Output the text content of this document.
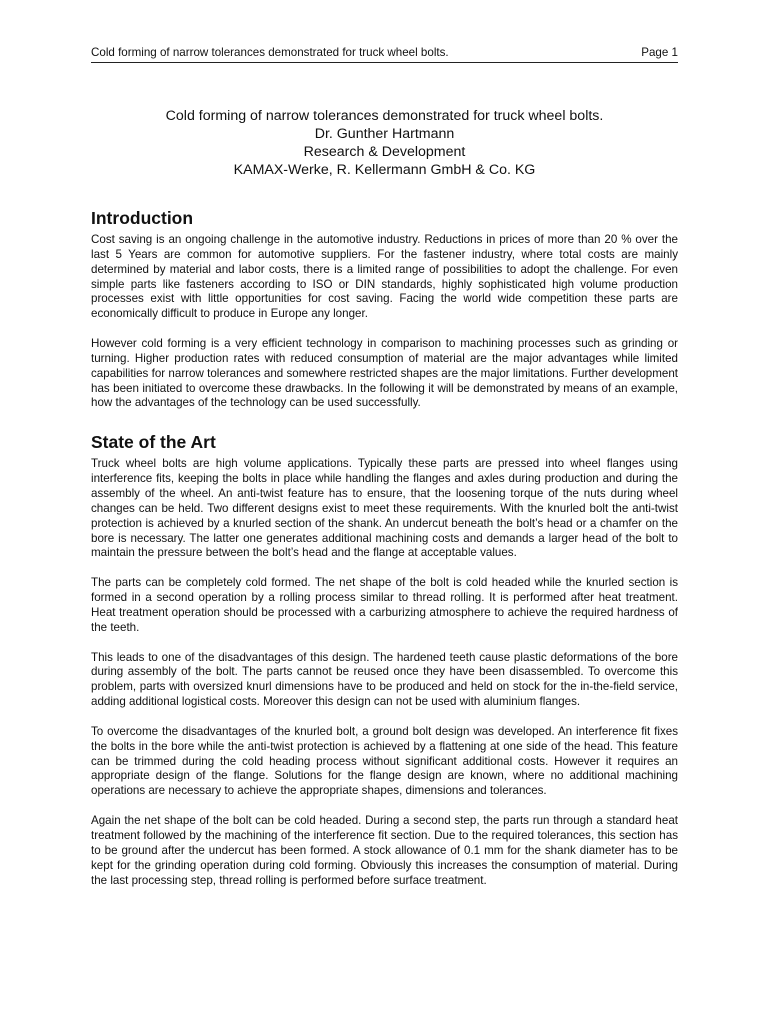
Cold forming of narrow tolerances demonstrated for truck wheel bolts.	Page 1
Cold forming of narrow tolerances demonstrated for truck wheel bolts.
Dr. Gunther Hartmann
Research & Development
KAMAX-Werke, R. Kellermann GmbH & Co. KG
Introduction

Cost saving is an ongoing challenge in the automotive industry. Reductions in prices of more than 20 % over the last 5 Years are common for automotive suppliers. For the fastener industry, where total costs are mainly determined by material and labor costs, there is a limited range of possibilities to adopt the challenge. For even simple parts like fasteners according to ISO or DIN standards, highly sophisticated high volume production processes exist with little opportunities for cost saving. Facing the world wide competition these parts are economically difficult to produce in Europe any longer.

However cold forming is a very efficient technology in comparison to machining processes such as grinding or turning. Higher production rates with reduced consumption of material are the major advantages while limited capabilities for narrow tolerances and somewhere restricted shapes are the major limitations. Further development has been initiated to overcome these drawbacks. In the following it will be demonstrated by means of an example, how the advantages of the technology can be used successfully.

State of the Art

Truck wheel bolts are high volume applications. Typically these parts are pressed into wheel flanges using interference fits, keeping the bolts in place while handling the flanges and axles during production and during the assembly of the wheel. An anti-twist feature has to ensure, that the loosening torque of the nuts during wheel changes can be held. Two different designs exist to meet these requirements. With the knurled bolt the anti-twist protection is achieved by a knurled section of the shank. An undercut beneath the bolt’s head or a chamfer on the bore is necessary. The latter one generates additional machining costs and demands a larger head of the bolt to maintain the pressure between the bolt’s head and the flange at acceptable values.

The parts can be completely cold formed. The net shape of the bolt is cold headed while the knurled section is formed in a second operation by a rolling process similar to thread rolling. It is performed after heat treatment. Heat treatment operation should be processed with a carburizing atmosphere to achieve the required hardness of the teeth.

This leads to one of the disadvantages of this design. The hardened teeth cause plastic deformations of the bore during assembly of the bolt. The parts cannot be reused once they have been disassembled. To overcome this problem, parts with oversized knurl dimensions have to be produced and held on stock for the in-the-field service, adding additional logistical costs. Moreover this design can not be used with aluminium flanges.

To overcome the disadvantages of the knurled bolt, a ground bolt design was developed. An interference fit fixes the bolts in the bore while the anti-twist protection is achieved by a flattening at one side of the head. This feature can be trimmed during the cold heading process without significant additional costs. However it requires an appropriate design of the flange. Solutions for the flange design are known, where no additional machining operations are necessary to achieve the appropriate shapes, dimensions and tolerances.

Again the net shape of the bolt can be cold headed. During a second step, the parts run through a standard heat treatment followed by the machining of the interference fit section. Due to the required tolerances, this section has to be ground after the undercut has been formed. A stock allowance of 0.1 mm for the shank diameter has to be kept for the grinding operation during cold forming. Obviously this increases the consumption of material. During the last processing step, thread rolling is performed before surface treatment.
